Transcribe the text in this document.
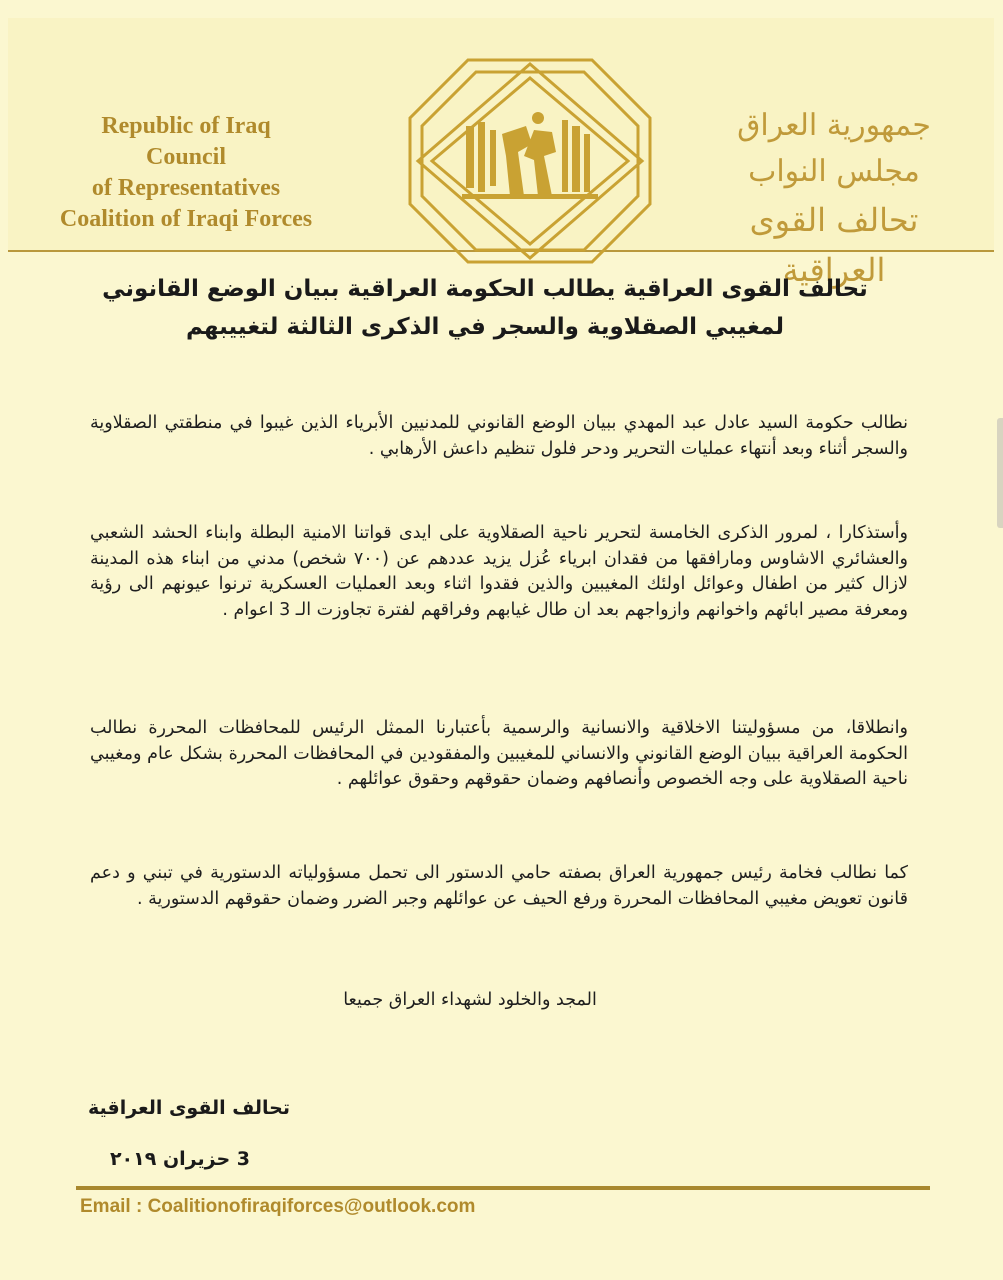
Republic of Iraq
Council
of Representatives
Coalition of Iraqi Forces
جمهورية العراق
مجلس النواب
تحالف القوى العراقية
تحالف القوى العراقية يطالب الحكومة العراقية ببيان الوضع القانوني لمغيبي الصقلاوية والسجر في الذكرى الثالثة لتغييبهم
نطالب حكومة السيد عادل عبد المهدي ببيان الوضع القانوني للمدنيين الأبرياء الذين غيبوا في منطقتي الصقلاوية والسجر أثناء وبعد أنتهاء عمليات التحرير ودحر فلول تنظيم داعش الأرهابي .
وأستذكارا ، لمرور الذكرى الخامسة لتحرير ناحية الصقلاوية على ايدى قواتنا الامنية البطلة وابناء الحشد الشعبي والعشائري الاشاوس ومارافقها من فقدان ابرياء عُزل يزيد عددهم عن (٧٠٠ شخص) مدني من ابناء هذه المدينة لازال كثير من اطفال وعوائل اولئك المغيبين والذين فقدوا اثناء وبعد العمليات العسكرية ترنوا عيونهم الى رؤية ومعرفة مصير ابائهم واخوانهم وازواجهم بعد ان طال غيابهم وفراقهم لفترة تجاوزت الـ 3 اعوام .
وانطلاقا، من مسؤوليتنا الاخلاقية والانسانية والرسمية بأعتبارنا الممثل الرئيس للمحافظات المحررة نطالب الحكومة العراقية ببيان الوضع القانوني والانساني للمغيبين والمفقودين في المحافظات المحررة بشكل عام ومغيبي ناحية الصقلاوية على وجه الخصوص وأنصافهم وضمان حقوقهم وحقوق عوائلهم .
كما نطالب فخامة رئيس جمهورية العراق بصفته حامي الدستور الى تحمل مسؤولياته الدستورية في تبني و دعم قانون تعويض مغيبي المحافظات المحررة ورفع الحيف عن عوائلهم وجبر الضرر وضمان حقوقهم الدستورية .
المجد والخلود لشهداء العراق جميعا
تحالف القوى العراقية
3 حزيران ٢٠١٩
Email : Coalitionofiraqiforces@outlook.com
